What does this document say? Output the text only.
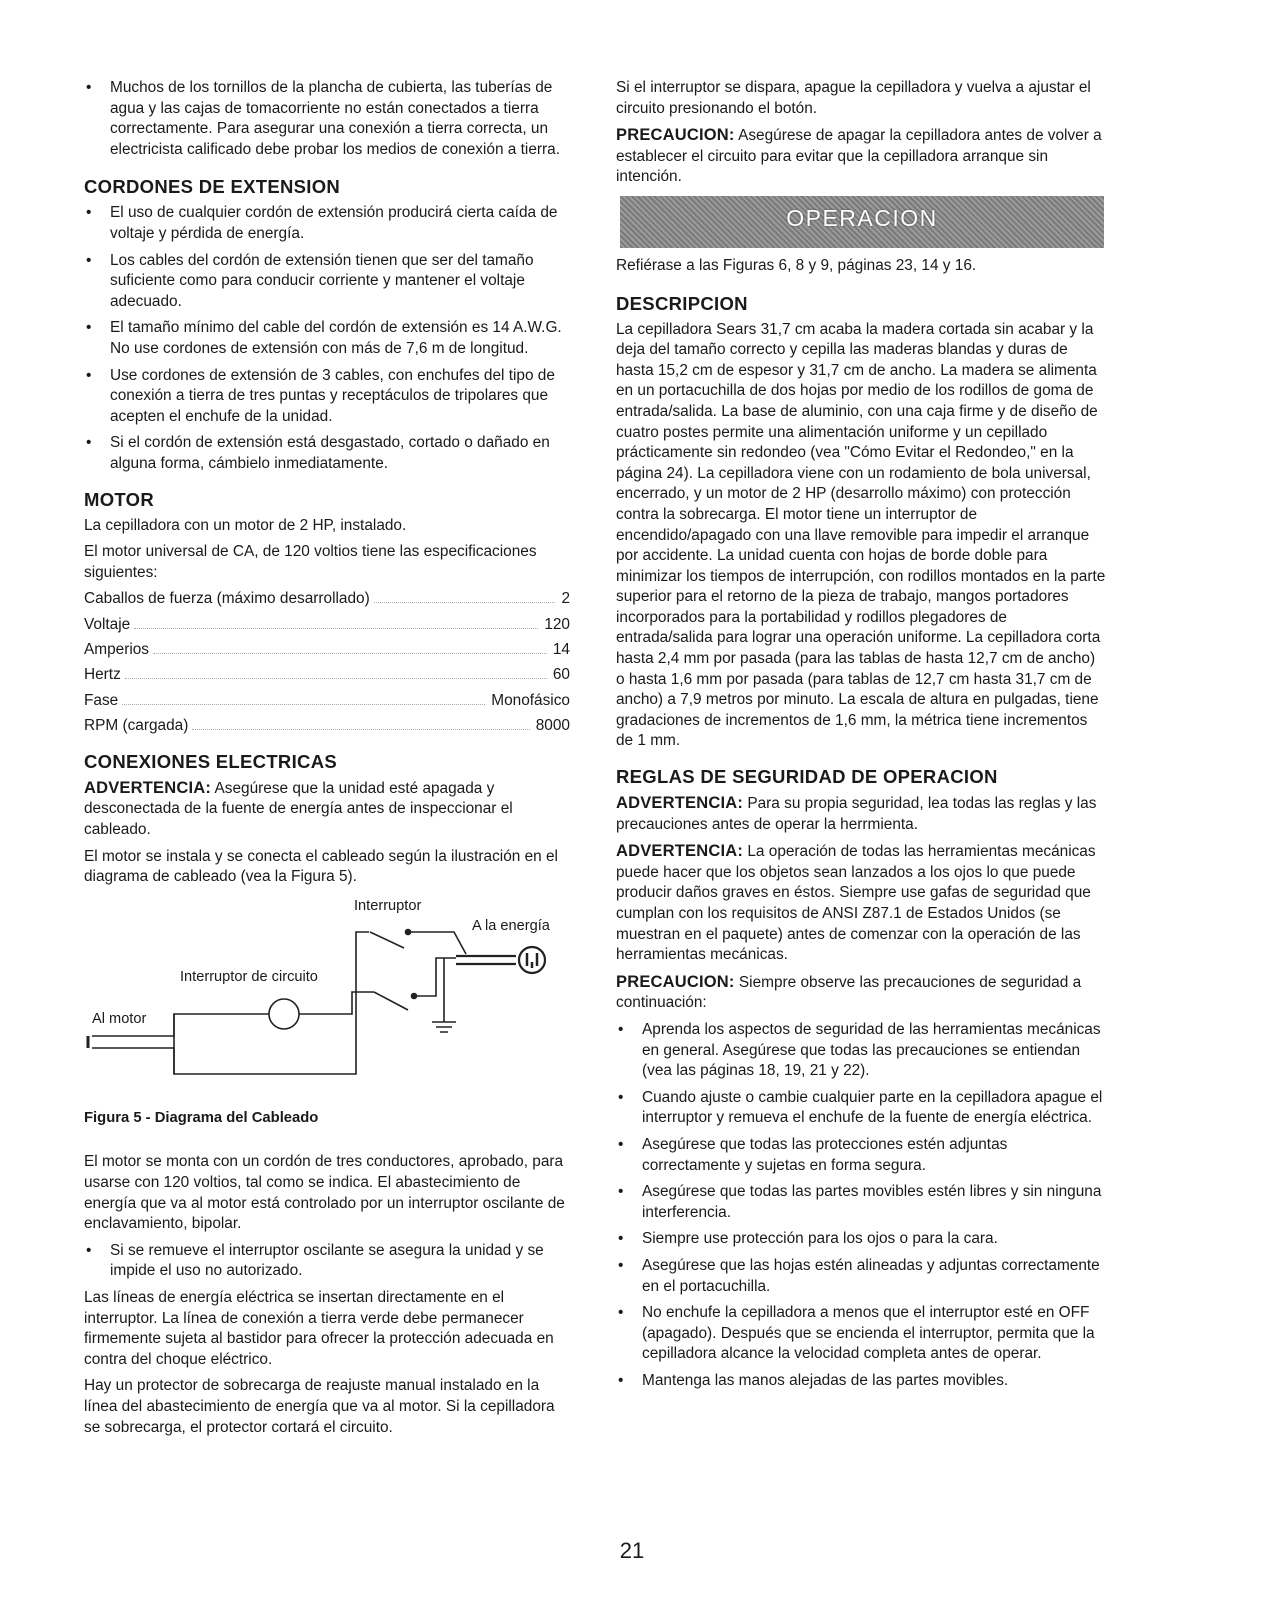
• Muchos de los tornillos de la plancha de cubierta, las tuberías de agua y las cajas de tomacorriente no están conectados a tierra correctamente. Para asegurar una conexión a tierra correcta, un electricista calificado debe probar los medios de conexión a tierra.
CORDONES DE EXTENSION
• El uso de cualquier cordón de extensión producirá cierta caída de voltaje y pérdida de energía.
• Los cables del cordón de extensión tienen que ser del tamaño suficiente como para conducir corriente y mantener el voltaje adecuado.
• El tamaño mínimo del cable del cordón de extensión es 14 A.W.G. No use cordones de extensión con más de 7,6 m de longitud.
• Use cordones de extensión de 3 cables, con enchufes del tipo de conexión a tierra de tres puntas y receptáculos de tripolares que acepten el enchufe de la unidad.
• Si el cordón de extensión está desgastado, cortado o dañado en alguna forma, cámbielo inmediatamente.
MOTOR

La cepilladora con un motor de 2 HP, instalado.

El motor universal de CA, de 120 voltios tiene las especificaciones siguientes:

Caballos de fuerza (máximo desarrollado)	2
Voltaje	120
Amperios	14
Hertz	60
Fase	Monofásico
RPM (cargada)	8000
CONEXIONES ELECTRICAS

ADVERTENCIA: Asegúrese que la unidad esté apagada y desconectada de la fuente de energía antes de inspeccionar el cableado.

El motor se instala y se conecta el cableado según la ilustración en el diagrama de cableado (vea la Figura 5).

Interruptor
A la energía
Interruptor de circuito
Al motor

Figura 5 - Diagrama del Cableado

El motor se monta con un cordón de tres conductores, aprobado, para usarse con 120 voltios, tal como se indica. El abastecimiento de energía que va al motor está controlado por un interruptor oscilante de enclavamiento, bipolar.

• Si se remueve el interruptor oscilante se asegura la unidad y se impide el uso no autorizado.

Las líneas de energía eléctrica se insertan directamente en el interruptor. La línea de conexión a tierra verde debe permanecer firmemente sujeta al bastidor para ofrecer la protección adecuada en contra del choque eléctrico.

Hay un protector de sobrecarga de reajuste manual instalado en la línea del abastecimiento de energía que va al motor. Si la cepilladora se sobrecarga, el protector cortará el circuito.

Si el interruptor se dispara, apague la cepilladora y vuelva a ajustar el circuito presionando el botón.

PRECAUCION: Asegúrese de apagar la cepilladora antes de volver a establecer el circuito para evitar que la cepilladora arranque sin intención.

OPERACION

Refiérase a las Figuras 6, 8 y 9, páginas 23, 14 y 16.

DESCRIPCION

La cepilladora Sears 31,7 cm acaba la madera cortada sin acabar y la deja del tamaño correcto y cepilla las maderas blandas y duras de hasta 15,2 cm de espesor y 31,7 cm de ancho. La madera se alimenta en un portacuchilla de dos hojas por medio de los rodillos de goma de entrada/salida. La base de aluminio, con una caja firme y de diseño de cuatro postes permite una alimentación uniforme y un cepillado prácticamente sin redondeo (vea "Cómo Evitar el Redondeo," en la página 24). La cepilladora viene con un rodamiento de bola universal, encerrado, y un motor de 2 HP (desarrollo máximo) con protección contra la sobrecarga. El motor tiene un interruptor de encendido/apagado con una llave removible para impedir el arranque por accidente. La unidad cuenta con hojas de borde doble para minimizar los tiempos de interrupción, con rodillos montados en la parte superior para el retorno de la pieza de trabajo, mangos portadores incorporados para la portabilidad y rodillos plegadores de entrada/salida para lograr una operación uniforme. La cepilladora corta hasta 2,4 mm por pasada (para las tablas de hasta 12,7 cm de ancho) o hasta 1,6 mm por pasada (para tablas de 12,7 cm hasta 31,7 cm de ancho) a 7,9 metros por minuto. La escala de altura en pulgadas, tiene gradaciones de incrementos de 1,6 mm, la métrica tiene incrementos de 1 mm.

REGLAS DE SEGURIDAD DE OPERACION

ADVERTENCIA: Para su propia seguridad, lea todas las reglas y las precauciones antes de operar la herrmienta.

ADVERTENCIA: La operación de todas las herramientas mecánicas puede hacer que los objetos sean lanzados a los ojos lo que puede producir daños graves en éstos. Siempre use gafas de seguridad que cumplan con los requisitos de ANSI Z87.1 de Estados Unidos (se muestran en el paquete) antes de comenzar con la operación de las herramientas mecánicas.

PRECAUCION: Siempre observe las precauciones de seguridad a continuación:

• Aprenda los aspectos de seguridad de las herramientas mecánicas en general. Asegúrese que todas las precauciones se entiendan (vea las páginas 18, 19, 21 y 22).
• Cuando ajuste o cambie cualquier parte en la cepilladora apague el interruptor y remueva el enchufe de la fuente de energía eléctrica.
• Asegúrese que todas las protecciones estén adjuntas correctamente y sujetas en forma segura.
• Asegúrese que todas las partes movibles estén libres y sin ninguna interferencia.
• Siempre use protección para los ojos o para la cara.
• Asegúrese que las hojas estén alineadas y adjuntas correctamente en el portacuchilla.
• No enchufe la cepilladora a menos que el interruptor esté en OFF (apagado). Después que se encienda el interruptor, permita que la cepilladora alcance la velocidad completa antes de operar.
• Mantenga las manos alejadas de las partes movibles.
21
